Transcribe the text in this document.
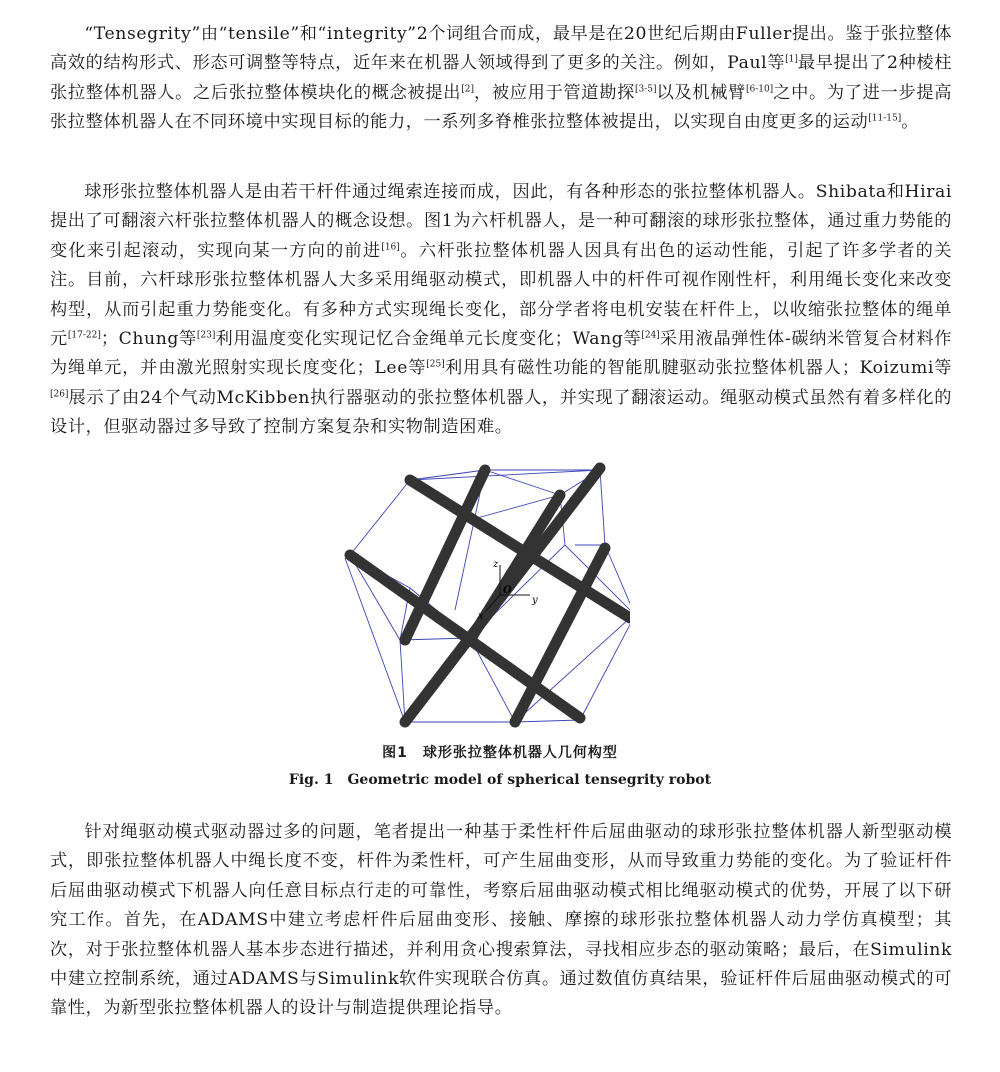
“Tensegrity”由“tensile”和“integrity”2个词组合而成，最早是在20世纪后期由Fuller提出。鉴于张拉整体高效的结构形式、形态可调整等特点，近年来在机器人领域得到了更多的关注。例如，Paul等[1]最早提出了2种棱柱张拉整体机器人。之后张拉整体模块化的概念被提出[2]，被应用于管道勘探[3-5]以及机械臂[6-10]之中。为了进一步提高张拉整体机器人在不同环境中实现目标的能力，一系列多脊椎张拉整体被提出，以实现自由度更多的运动[11-15]。

球形张拉整体机器人是由若干杆件通过绳索连接而成，因此，有各种形态的张拉整体机器人。Shibata和Hirai提出了可翻滚六杆张拉整体机器人的概念设想。图1为六杆机器人，是一种可翻滚的球形张拉整体，通过重力势能的变化来引起滚动，实现向某一方向的前进[16]。六杆张拉整体机器人因具有出色的运动性能，引起了许多学者的关注。目前，六杆球形张拉整体机器人大多采用绳驱动模式，即机器人中的杆件可视作刚性杆，利用绳长变化来改变构型，从而引起重力势能变化。有多种方式实现绳长变化，部分学者将电机安装在杆件上，以收缩张拉整体的绳单元[17-22]；Chung等[23]利用温度变化实现记忆合金绳单元长度变化；Wang等[24]采用液晶弹性体-碳纳米管复合材料作为绳单元，并由激光照射实现长度变化；Lee等[25]利用具有磁性功能的智能肌腱驱动张拉整体机器人；Koizumi等[26]展示了由24个气动McKibben执行器驱动的张拉整体机器人，并实现了翻滚运动。绳驱动模式虽然有着多样化的设计，但驱动器过多导致了控制方案复杂和实物制造困难。

z
O
y
x
图1　球形张拉整体机器人几何构型
Fig. 1　Geometric model of spherical tensegrity robot

针对绳驱动模式驱动器过多的问题，笔者提出一种基于柔性杆件后屈曲驱动的球形张拉整体机器人新型驱动模式，即张拉整体机器人中绳长度不变，杆件为柔性杆，可产生屈曲变形，从而导致重力势能的变化。为了验证杆件后屈曲驱动模式下机器人向任意目标点行走的可靠性，考察后屈曲驱动模式相比绳驱动模式的优势，开展了以下研究工作。首先，在ADAMS中建立考虑杆件后屈曲变形、接触、摩擦的球形张拉整体机器人动力学仿真模型；其次，对于张拉整体机器人基本步态进行描述，并利用贪心搜索算法，寻找相应步态的驱动策略；最后，在Simulink中建立控制系统，通过ADAMS与Simulink软件实现联合仿真。通过数值仿真结果，验证杆件后屈曲驱动模式的可靠性，为新型张拉整体机器人的设计与制造提供理论指导。
